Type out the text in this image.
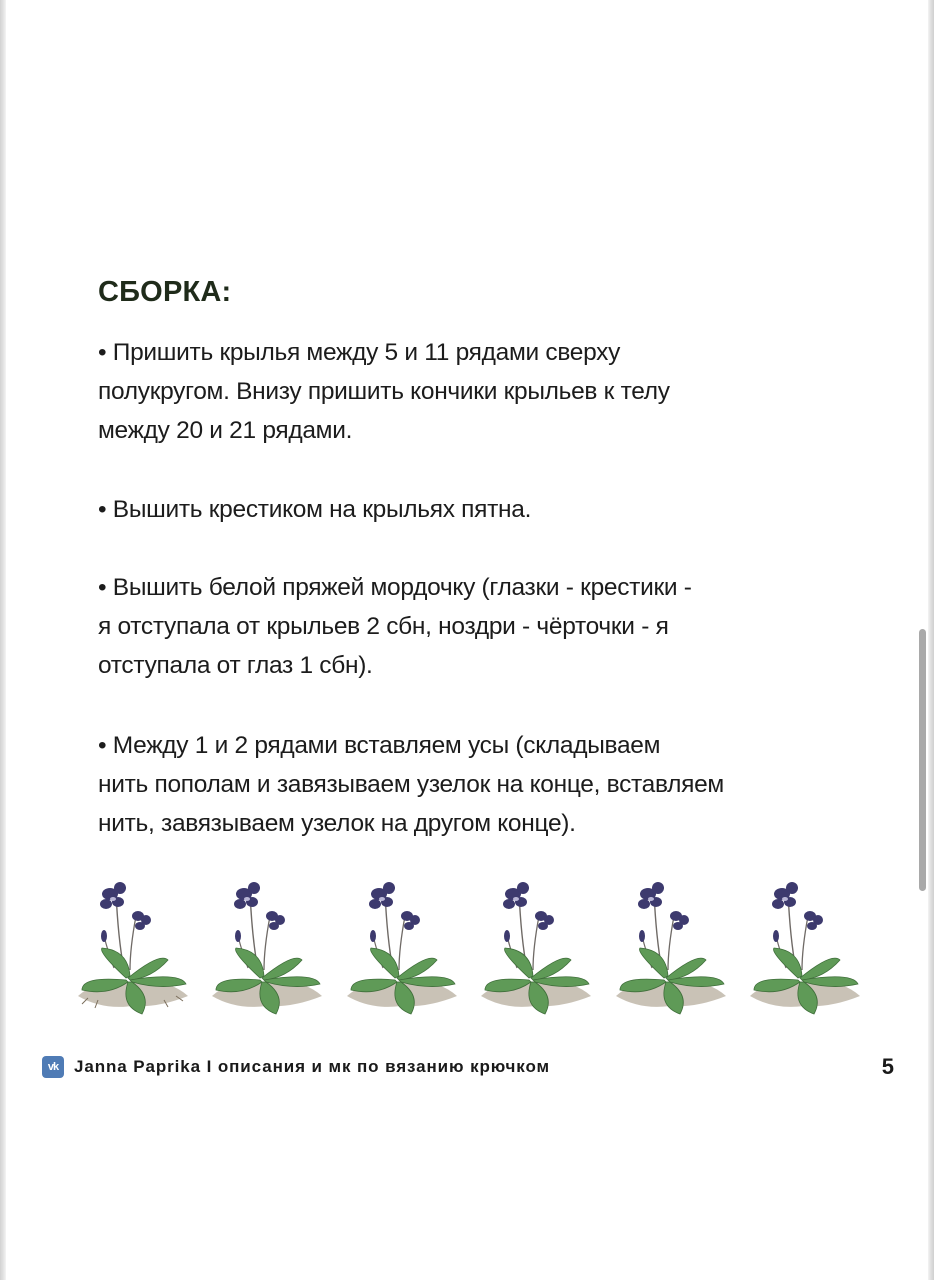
СБОРКА:

• Пришить крылья между 5 и 11 рядами сверху
полукругом. Внизу пришить кончики крыльев к телу
между 20 и 21 рядами.

• Вышить крестиком на крыльях пятна.

• Вышить белой пряжей мордочку (глазки - крестики -
я отступала от крыльев 2 сбн, ноздри - чёрточки - я
отступала от глаз 1 сбн).

• Между 1 и 2 рядами вставляем усы (складываем
нить пополам и завязываем узелок на конце, вставляем
нить, завязываем узелок на другом конце).

vk Janna Paprika I описания и мк по вязанию крючком	5
